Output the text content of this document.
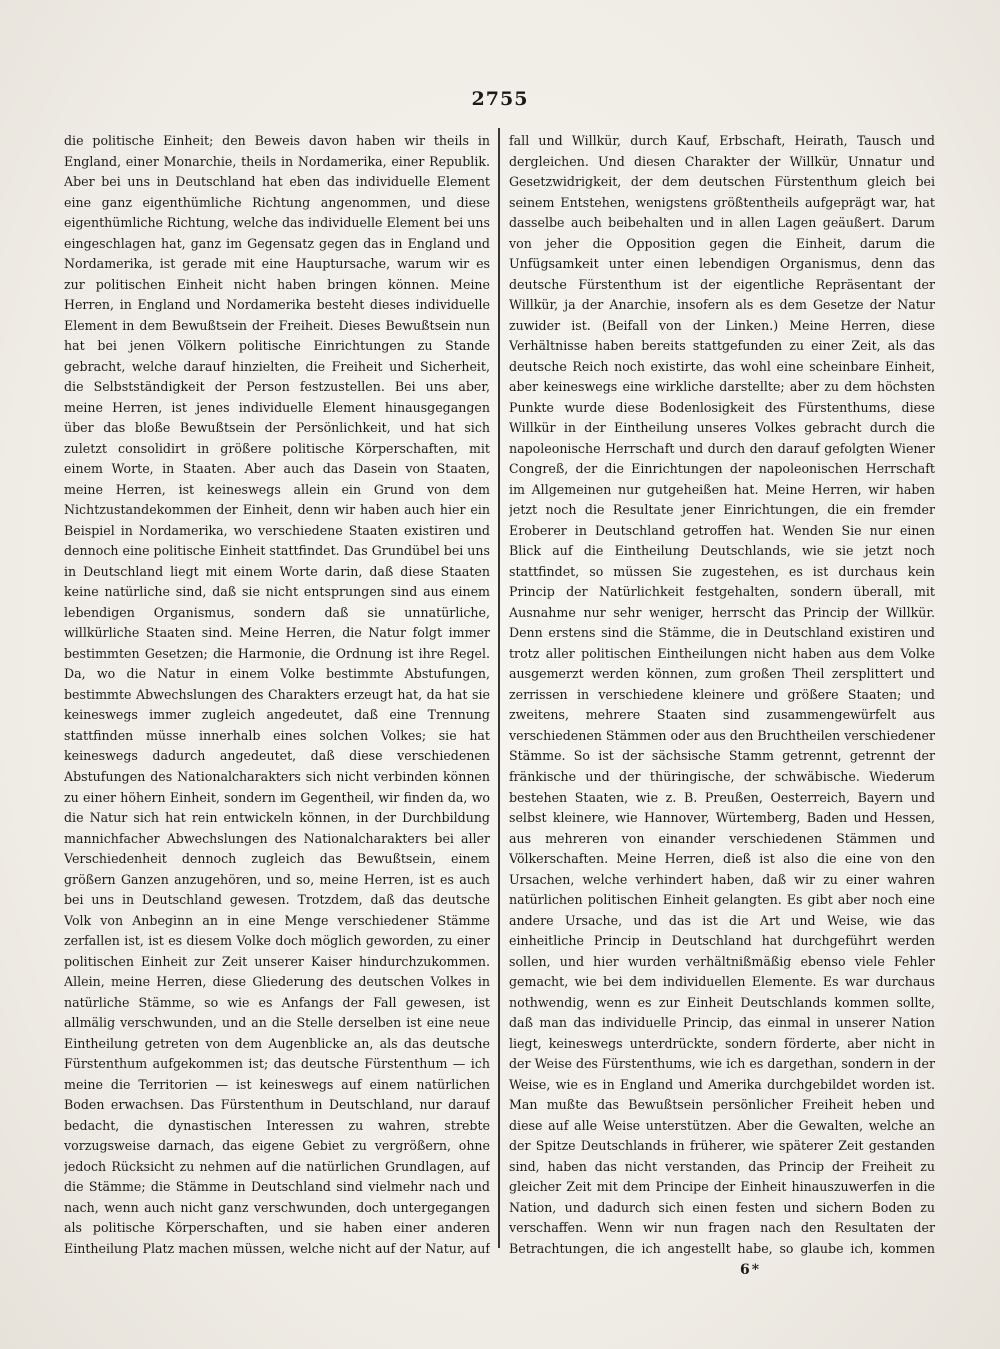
2755

die politische Einheit; den Beweis davon haben wir theils in England, einer Monarchie, theils in Nordamerika, einer Republik. Aber bei uns in Deutschland hat eben das individuelle Element eine ganz eigenthümliche Richtung angenommen, und diese eigenthümliche Richtung, welche das individuelle Element bei uns eingeschlagen hat, ganz im Gegensatz gegen das in England und Nordamerika, ist gerade mit eine Hauptursache, warum wir es zur politischen Einheit nicht haben bringen können. Meine Herren, in England und Nordamerika besteht dieses individuelle Element in dem Bewußtsein der Freiheit. Dieses Bewußtsein nun hat bei jenen Völkern politische Einrichtungen zu Stande gebracht, welche darauf hinzielten, die Freiheit und Sicherheit, die Selbstständigkeit der Person festzustellen. Bei uns aber, meine Herren, ist jenes individuelle Element hinausgegangen über das bloße Bewußtsein der Persönlichkeit, und hat sich zuletzt consolidirt in größere politische Körperschaften, mit einem Worte, in Staaten. Aber auch das Dasein von Staaten, meine Herren, ist keineswegs allein ein Grund von dem Nichtzustandekommen der Einheit, denn wir haben auch hier ein Beispiel in Nordamerika, wo verschiedene Staaten existiren und dennoch eine politische Einheit stattfindet. Das Grundübel bei uns in Deutschland liegt mit einem Worte darin, daß diese Staaten keine natürliche sind, daß sie nicht entsprungen sind aus einem lebendigen Organismus, sondern daß sie unnatürliche, willkürliche Staaten sind. Meine Herren, die Natur folgt immer bestimmten Gesetzen; die Harmonie, die Ordnung ist ihre Regel. Da, wo die Natur in einem Volke bestimmte Abstufungen, bestimmte Abwechslungen des Charakters erzeugt hat, da hat sie keineswegs immer zugleich angedeutet, daß eine Trennung stattfinden müsse innerhalb eines solchen Volkes; sie hat keineswegs dadurch angedeutet, daß diese verschiedenen Abstufungen des Nationalcharakters sich nicht verbinden können zu einer höhern Einheit, sondern im Gegentheil, wir finden da, wo die Natur sich hat rein entwickeln können, in der Durchbildung mannichfacher Abwechslungen des Nationalcharakters bei aller Verschiedenheit dennoch zugleich das Bewußtsein, einem größern Ganzen anzugehören, und so, meine Herren, ist es auch bei uns in Deutschland gewesen. Trotzdem, daß das deutsche Volk von Anbeginn an in eine Menge verschiedener Stämme zerfallen ist, ist es diesem Volke doch möglich geworden, zu einer politischen Einheit zur Zeit unserer Kaiser hindurchzukommen. Allein, meine Herren, diese Gliederung des deutschen Volkes in natürliche Stämme, so wie es Anfangs der Fall gewesen, ist allmälig verschwunden, und an die Stelle derselben ist eine neue Eintheilung getreten von dem Augenblicke an, als das deutsche Fürstenthum aufgekommen ist; das deutsche Fürstenthum — ich meine die Territorien — ist keineswegs auf einem natürlichen Boden erwachsen. Das Fürstenthum in Deutschland, nur darauf bedacht, die dynastischen Interessen zu wahren, strebte vorzugsweise darnach, das eigene Gebiet zu vergrößern, ohne jedoch Rücksicht zu nehmen auf die natürlichen Grundlagen, auf die Stämme; die Stämme in Deutschland sind vielmehr nach und nach, wenn auch nicht ganz verschwunden, doch untergegangen als politische Körperschaften, und sie haben einer anderen Eintheilung Platz machen müssen, welche nicht auf der Natur, auf

fall und Willkür, durch Kauf, Erbschaft, Heirath, Tausch und dergleichen. Und diesen Charakter der Willkür, Unnatur und Gesetzwidrigkeit, der dem deutschen Fürstenthum gleich bei seinem Entstehen, wenigstens größtentheils aufgeprägt war, hat dasselbe auch beibehalten und in allen Lagen geäußert. Darum von jeher die Opposition gegen die Einheit, darum die Unfügsamkeit unter einen lebendigen Organismus, denn das deutsche Fürstenthum ist der eigentliche Repräsentant der Willkür, ja der Anarchie, insofern als es dem Gesetze der Natur zuwider ist. (Beifall von der Linken.) Meine Herren, diese Verhältnisse haben bereits stattgefunden zu einer Zeit, als das deutsche Reich noch existirte, das wohl eine scheinbare Einheit, aber keineswegs eine wirkliche darstellte; aber zu dem höchsten Punkte wurde diese Bodenlosigkeit des Fürstenthums, diese Willkür in der Eintheilung unseres Volkes gebracht durch die napoleonische Herrschaft und durch den darauf gefolgten Wiener Congreß, der die Einrichtungen der napoleonischen Herrschaft im Allgemeinen nur gutgeheißen hat. Meine Herren, wir haben jetzt noch die Resultate jener Einrichtungen, die ein fremder Eroberer in Deutschland getroffen hat. Wenden Sie nur einen Blick auf die Eintheilung Deutschlands, wie sie jetzt noch stattfindet, so müssen Sie zugestehen, es ist durchaus kein Princip der Natürlichkeit festgehalten, sondern überall, mit Ausnahme nur sehr weniger, herrscht das Princip der Willkür. Denn erstens sind die Stämme, die in Deutschland existiren und trotz aller politischen Eintheilungen nicht haben aus dem Volke ausgemerzt werden können, zum großen Theil zersplittert und zerrissen in verschiedene kleinere und größere Staaten; und zweitens, mehrere Staaten sind zusammengewürfelt aus verschiedenen Stämmen oder aus den Bruchtheilen verschiedener Stämme. So ist der sächsische Stamm getrennt, getrennt der fränkische und der thüringische, der schwäbische. Wiederum bestehen Staaten, wie z. B. Preußen, Oesterreich, Bayern und selbst kleinere, wie Hannover, Würtemberg, Baden und Hessen, aus mehreren von einander verschiedenen Stämmen und Völkerschaften. Meine Herren, dieß ist also die eine von den Ursachen, welche verhindert haben, daß wir zu einer wahren natürlichen politischen Einheit gelangten. Es gibt aber noch eine andere Ursache, und das ist die Art und Weise, wie das einheitliche Princip in Deutschland hat durchgeführt werden sollen, und hier wurden verhältnißmäßig ebenso viele Fehler gemacht, wie bei dem individuellen Elemente. Es war durchaus nothwendig, wenn es zur Einheit Deutschlands kommen sollte, daß man das individuelle Princip, das einmal in unserer Nation liegt, keineswegs unterdrückte, sondern förderte, aber nicht in der Weise des Fürstenthums, wie ich es dargethan, sondern in der Weise, wie es in England und Amerika durchgebildet worden ist. Man mußte das Bewußtsein persönlicher Freiheit heben und diese auf alle Weise unterstützen. Aber die Gewalten, welche an der Spitze Deutschlands in früherer, wie späterer Zeit gestanden sind, haben das nicht verstanden, das Princip der Freiheit zu gleicher Zeit mit dem Principe der Einheit hinauszuwerfen in die Nation, und dadurch sich einen festen und sichern Boden zu verschaffen. Wenn wir nun fragen nach den Resultaten der Betrachtungen, die ich angestellt habe, so glaube ich, kommen

6*
